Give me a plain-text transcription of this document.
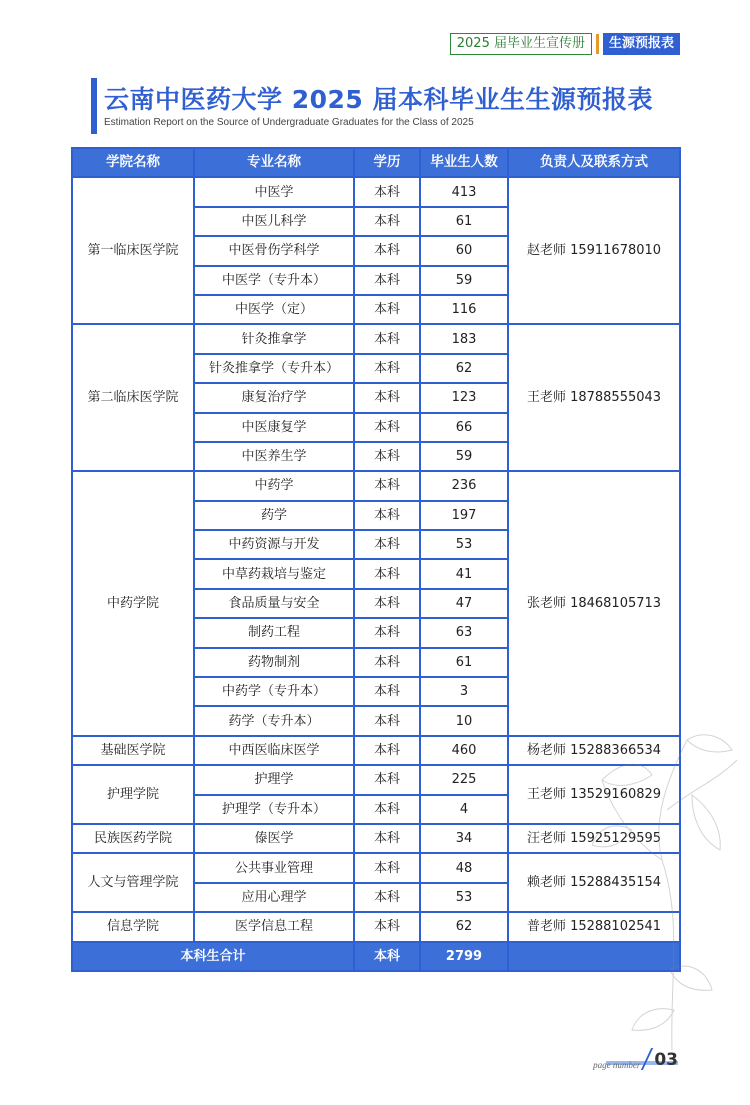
2025 届毕业生宣传册	生源预报表
云南中医药大学 2025 届本科毕业生生源预报表
Estimation Report on the Source of Undergraduate Graduates for the Class of 2025
学院名称	专业名称	学历	毕业生人数	负责人及联系方式
第一临床医学院	中医学	本科	413	赵老师 15911678010
	中医儿科学	本科	61	
	中医骨伤学科学	本科	60	
	中医学（专升本）	本科	59	
	中医学（定）	本科	116	
第二临床医学院	针灸推拿学	本科	183	王老师 18788555043
	针灸推拿学（专升本）	本科	62	
	康复治疗学	本科	123	
	中医康复学	本科	66	
	中医养生学	本科	59	
中药学院	中药学	本科	236	张老师 18468105713
	药学	本科	197	
	中药资源与开发	本科	53	
	中草药栽培与鉴定	本科	41	
	食品质量与安全	本科	47	
	制药工程	本科	63	
	药物制剂	本科	61	
	中药学（专升本）	本科	3	
	药学（专升本）	本科	10	
基础医学院	中西医临床医学	本科	460	杨老师 15288366534
护理学院	护理学	本科	225	王老师 13529160829
	护理学（专升本）	本科	4	
民族医药学院	傣医学	本科	34	汪老师 15925129595
人文与管理学院	公共事业管理	本科	48	赖老师 15288435154
	应用心理学	本科	53	
信息学院	医学信息工程	本科	62	普老师 15288102541
本科生合计		本科	2799	
page number 03
